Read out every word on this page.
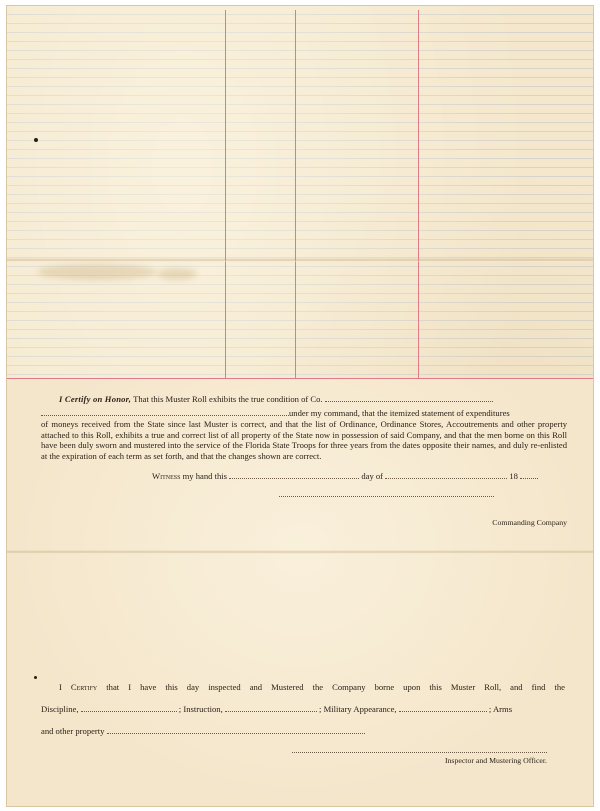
I Certify on Honor, That this Muster Roll exhibits the true condition of Co.
under my command, that the itemized statement of expenditures
of moneys received from the State since last Muster is correct, and that the list of Ordinance, Ordinance Stores, Accoutrements and other property attached to this Roll, exhibits a true and correct list of all property of the State now in possession of said Company, and that the men borne on this Roll have been duly sworn and mustered into the service of the Florida State Troops for three years from the dates opposite their names, and duly re-enlisted at the expiration of each term as set forth, and that the changes shown are correct.
Witness my hand this	day of	18
Commanding Company
I Certify that I have this day inspected and Mustered the Company borne upon this Muster Roll, and find the
Discipline,	; Instruction,	; Military Appearance,	; Arms
and other property
Inspector and Mustering Officer.
